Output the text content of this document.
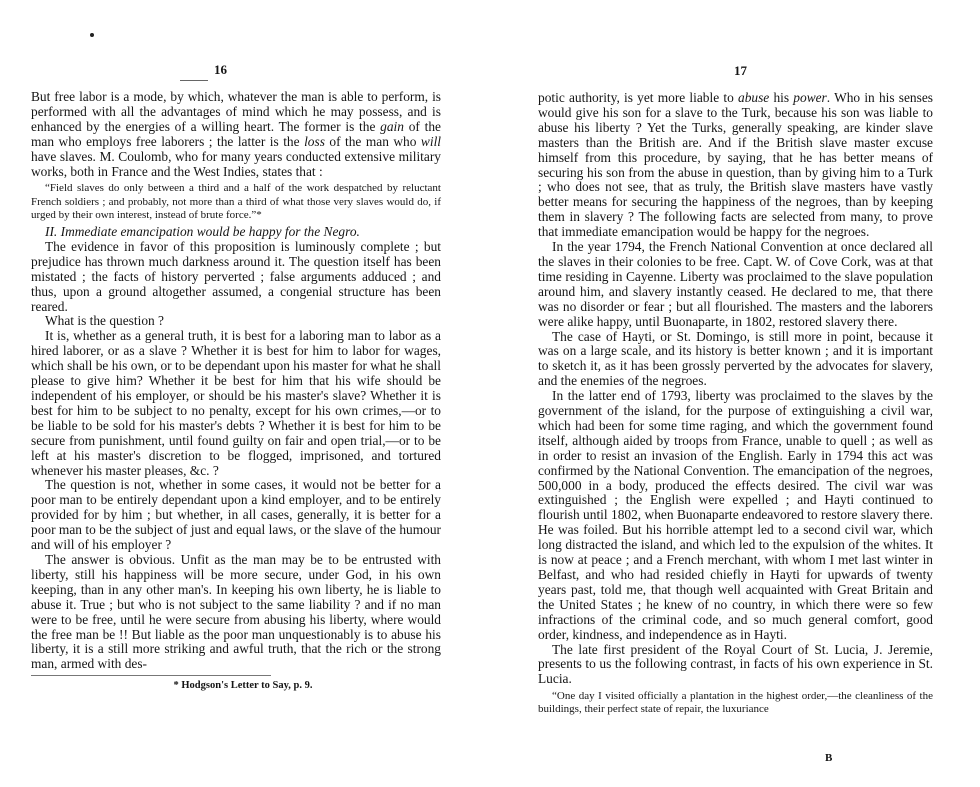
16

But free labor is a mode, by which, whatever the man is able to perform, is performed with all the advantages of mind which he may possess, and is enhanced by the energies of a willing heart. The former is the gain of the man who employs free laborers ; the latter is the loss of the man who will have slaves. M. Coulomb, who for many years conducted extensive military works, both in France and the West Indies, states that :

“Field slaves do only between a third and a half of the work despatched by reluctant French soldiers ; and probably, not more than a third of what those very slaves would do, if urged by their own interest, instead of brute force.”*

II. Immediate emancipation would be happy for the Negro.

The evidence in favor of this proposition is luminously complete ; but prejudice has thrown much darkness around it. The question itself has been mistated ; the facts of history perverted ; false arguments adduced ; and thus, upon a ground altogether assumed, a congenial structure has been reared.

What is the question ?

It is, whether as a general truth, it is best for a laboring man to labor as a hired laborer, or as a slave ? Whether it is best for him to labor for wages, which shall be his own, or to be dependant upon his master for what he shall please to give him? Whether it be best for him that his wife should be independent of his employer, or should be his master's slave? Whether it is best for him to be subject to no penalty, except for his own crimes,—or to be liable to be sold for his master's debts ? Whether it is best for him to be secure from punishment, until found guilty on fair and open trial,—or to be left at his master's discretion to be flogged, imprisoned, and tortured whenever his master pleases, &c. ?

The question is not, whether in some cases, it would not be better for a poor man to be entirely dependant upon a kind employer, and to be entirely provided for by him ; but whether, in all cases, generally, it is better for a poor man to be the subject of just and equal laws, or the slave of the humour and will of his employer ?

The answer is obvious. Unfit as the man may be to be entrusted with liberty, still his happiness will be more secure, under God, in his own keeping, than in any other man's. In keeping his own liberty, he is liable to abuse it. True ; but who is not subject to the same liability ? and if no man were to be free, until he were secure from abusing his liberty, where would the free man be !! But liable as the poor man unquestionably is to abuse his liberty, it is a still more striking and awful truth, that the rich or the strong man, armed with des-

* Hodgson's Letter to Say, p. 9.

17

potic authority, is yet more liable to abuse his power. Who in his senses would give his son for a slave to the Turk, because his son was liable to abuse his liberty ? Yet the Turks, generally speaking, are kinder slave masters than the British are. And if the British slave master excuse himself from this procedure, by saying, that he has better means of securing his son from the abuse in question, than by giving him to a Turk ; who does not see, that as truly, the British slave masters have vastly better means for securing the happiness of the negroes, than by keeping them in slavery ? The following facts are selected from many, to prove that immediate emancipation would be happy for the negroes.

In the year 1794, the French National Convention at once declared all the slaves in their colonies to be free. Capt. W. of Cove Cork, was at that time residing in Cayenne. Liberty was proclaimed to the slave population around him, and slavery instantly ceased. He declared to me, that there was no disorder or fear ; but all flourished. The masters and the laborers were alike happy, until Buonaparte, in 1802, restored slavery there.

The case of Hayti, or St. Domingo, is still more in point, because it was on a large scale, and its history is better known ; and it is important to sketch it, as it has been grossly perverted by the advocates for slavery, and the enemies of the negroes.

In the latter end of 1793, liberty was proclaimed to the slaves by the government of the island, for the purpose of extinguishing a civil war, which had been for some time raging, and which the government found itself, although aided by troops from France, unable to quell ; as well as in order to resist an invasion of the English. Early in 1794 this act was confirmed by the National Convention. The emancipation of the negroes, 500,000 in a body, produced the effects desired. The civil war was extinguished ; the English were expelled ; and Hayti continued to flourish until 1802, when Buonaparte endeavored to restore slavery there. He was foiled. But his horrible attempt led to a second civil war, which long distracted the island, and which led to the expulsion of the whites. It is now at peace ; and a French merchant, with whom I met last winter in Belfast, and who had resided chiefly in Hayti for upwards of twenty years past, told me, that though well acquainted with Great Britain and the United States ; he knew of no country, in which there were so few infractions of the criminal code, and so much general comfort, good order, kindness, and independence as in Hayti.

The late first president of the Royal Court of St. Lucia, J. Jeremie, presents to us the following contrast, in facts of his own experience in St. Lucia.

“One day I visited officially a plantation in the highest order,—the cleanliness of the buildings, their perfect state of repair, the luxuriance

B
